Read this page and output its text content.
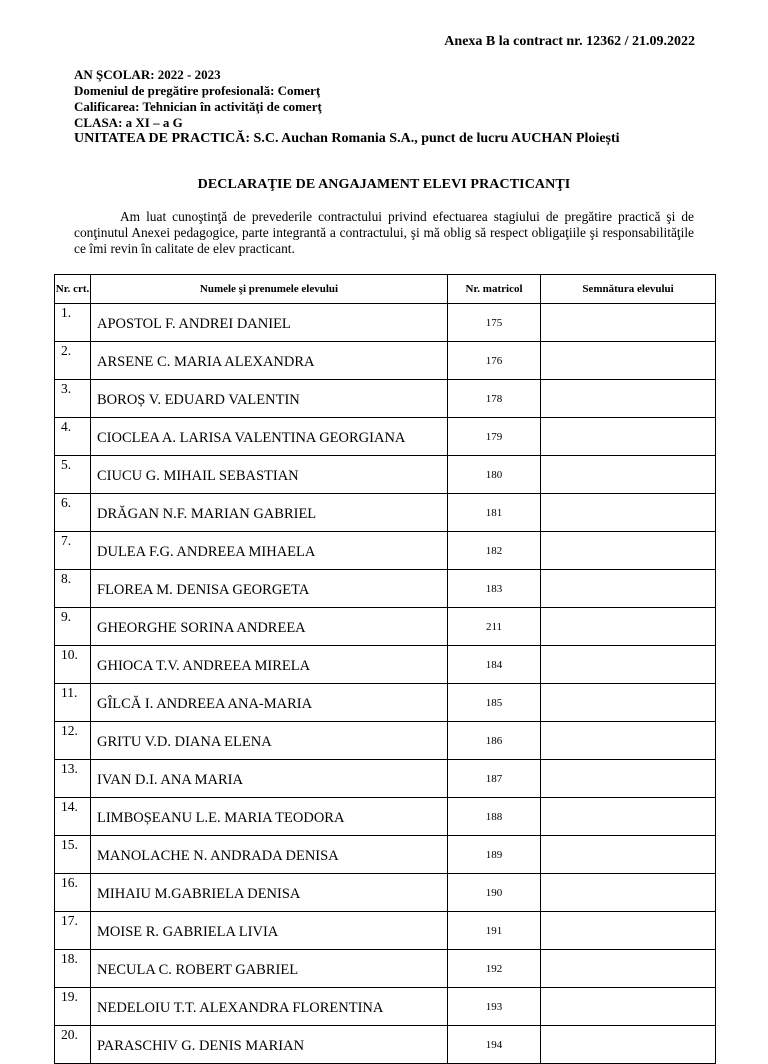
Anexa B la contract nr. 12362 / 21.09.2022
AN ŞCOLAR: 2022 - 2023
Domeniul de pregătire profesională: Comerţ
Calificarea: Tehnician în activităţi de comerţ
CLASA: a XI – a G
UNITATEA DE PRACTICĂ: S.C. Auchan Romania S.A., punct de lucru AUCHAN Ploiești
DECLARAŢIE DE ANGAJAMENT ELEVI PRACTICANŢI
Am luat cunoştinţă de prevederile contractului privind efectuarea stagiului de pregătire practică şi de conţinutul Anexei pedagogice, parte integrantă a contractului, şi mă oblig să respect obligaţiile şi responsabilităţile ce îmi revin în calitate de elev practicant.
Nr. crt.	Numele şi prenumele elevului	Nr. matricol	Semnătura elevului
1.	APOSTOL F. ANDREI DANIEL	175	
2.	ARSENE C. MARIA ALEXANDRA	176	
3.	BOROȘ V. EDUARD VALENTIN	178	
4.	CIOCLEA A. LARISA VALENTINA GEORGIANA	179	
5.	CIUCU G. MIHAIL SEBASTIAN	180	
6.	DRĂGAN N.F. MARIAN GABRIEL	181	
7.	DULEA F.G. ANDREEA MIHAELA	182	
8.	FLOREA M. DENISA GEORGETA	183	
9.	GHEORGHE SORINA ANDREEA	211	
10.	GHIOCA T.V. ANDREEA MIRELA	184	
11.	GÎLCĂ I. ANDREEA ANA-MARIA	185	
12.	GRITU V.D. DIANA ELENA	186	
13.	IVAN D.I. ANA MARIA	187	
14.	LIMBOȘEANU L.E. MARIA TEODORA	188	
15.	MANOLACHE N. ANDRADA DENISA	189	
16.	MIHAIU M.GABRIELA DENISA	190	
17.	MOISE R. GABRIELA LIVIA	191	
18.	NECULA C. ROBERT GABRIEL	192	
19.	NEDELOIU T.T. ALEXANDRA FLORENTINA	193	
20.	PARASCHIV G. DENIS MARIAN	194	
